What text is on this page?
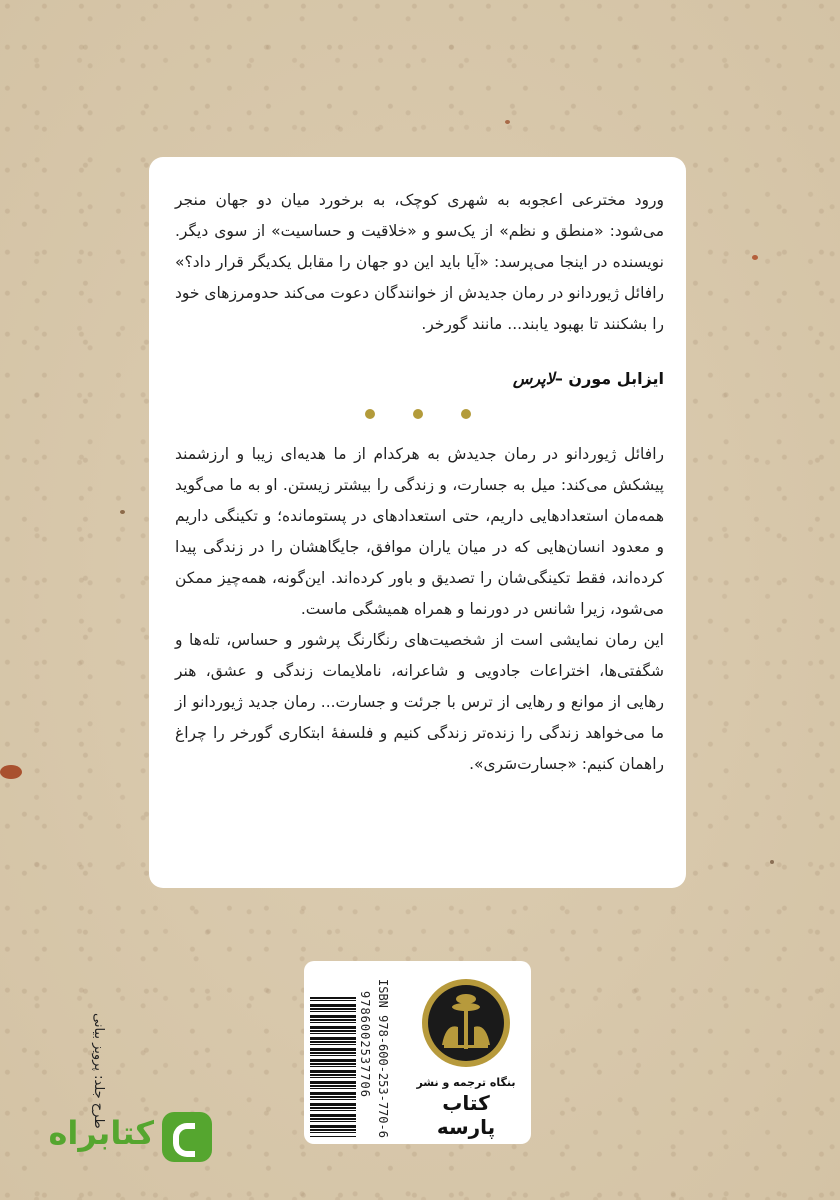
ورود مخترعی اعجوبه به شهری کوچک، به برخورد میان دو جهان منجر می‌شود: «منطق و نظم» از یک‌سو و «خلاقیت و حساسیت» از سوی دیگر. نویسنده در اینجا می‌پرسد: «آیا باید این دو جهان را مقابل یکدیگر قرار داد؟» رافائل ژیوردانو در رمان جدیدش از خوانندگان دعوت می‌کند حدومرزهای خود را بشکنند تا بهبود یابند... مانند گورخر.
ایزابل مورن –لاپرس

رافائل ژیوردانو در رمان جدیدش به هرکدام از ما هدیه‌ای زیبا و ارزشمند پیشکش می‌کند: میل به جسارت، و زندگی را بیشتر زیستن. او به ما می‌گوید همه‌مان استعدادهایی داریم، حتی استعدادهای در پستومانده؛ و تکینگی داریم و معدود انسان‌هایی که در میان یاران موافق، جایگاهشان را در زندگی پیدا کرده‌اند، فقط تکینگی‌شان را تصدیق و باور کرده‌اند. این‌گونه، همه‌چیز ممکن می‌شود، زیرا شانس در دورنما و همراه همیشگی ماست.

این رمان نمایشی است از شخصیت‌های رنگارنگ پرشور و حساس، تله‌ها و شگفتی‌ها، اختراعات جادویی و شاعرانه، ناملایمات زندگی و عشق، هنر رهایی از موانع و رهایی از ترس با جرئت و جسارت... رمان جدید ژیوردانو از ما می‌خواهد زندگی را زنده‌تر زندگی کنیم و فلسفهٔ ابتکاری گورخر را چراغ راهمان کنیم: «جسارت‌سَری».

ISBN 978-600-253-770-6
9786002537706	بنگاه ترجمه و نشر
کتاب پارسه
طرح جلد: پرویز بیانی
کتابراه
